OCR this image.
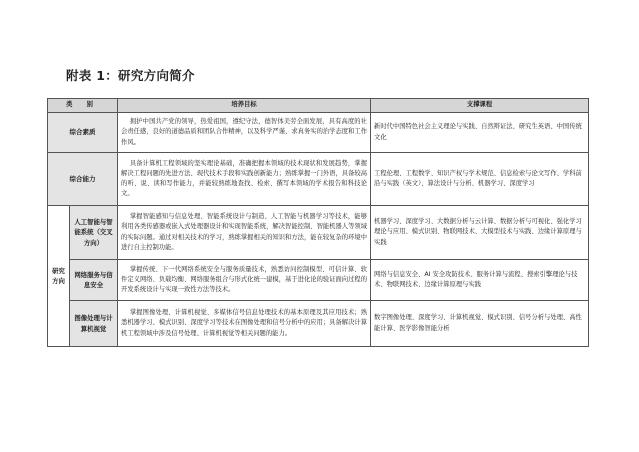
附表 1：研究方向简介
类 别		培养目标	支撑课程
综合素质		拥护中国共产党的领导，热爱祖国，遵纪守法，德智体美劳全面发展，具有高度的社会责任感，良好的道德品质和团队合作精神，以及科学严谨、求真务实的治学态度和工作作风。	新时代中国特色社会主义理论与实践、自然辩证法、研究生英语、中国传统文化
综合能力		具备计算机工程领域的坚实理论基础，准确把握本领域的技术现状和发展趋势，掌握解决工程问题的先进方法、现代技术手段和实践创新能力；熟练掌握一门外语，具备较高的听、说、读和写作能力，并能较熟练地查找、检索、撰写本领域的学术报告和科技论文。	工程伦理、工程数学、知识产权与学术规范、信息检索与论文写作、学科前沿与实践（英文）、算法设计与分析、机器学习、深度学习
研究方向	人工智能与智能系统（交叉方向）	掌握智能感知与信息处理、智能系统设计与制造、人工智能与机器学习等技术，能够利用各类传感器或嵌入式处理器设计和实现智能系统，解决智能控制、智能机器人等领域的实际问题。通过对相关技术的学习，熟练掌握相关的知识和方法，能在较复杂的环境中进行自主控制功能。	机器学习、深度学习、大数据分析与云计算、数据分析与可视化、强化学习理论与应用、模式识别、物联网技术、大模型技术与实践、边缘计算原理与实践
	网络服务与信息安全	掌握传统、下一代网络系统安全与服务质量技术，熟悉访问控制模型、可信计算、软件定义网络、负载均衡、网络服务组合与形式化统一建模，基于进化论的验证面向过程的开发系统设计与实现一致性方法等技术。	网络与信息安全、AI 安全攻防技术、服务计算与流程、搜索引擎理论与技术、物联网技术、边缘计算原理与实践
	图像处理与计算机视觉	掌握图像处理、计算机视觉、多媒体信号信息处理技术的基本原理及其应用技术；熟悉机器学习、模式识别、深度学习等技术在图像处理和信号分析中的应用；具备解决计算机工程领域中涉及信号处理、计算机视觉等相关问题的能力。	数字图像处理、深度学习、计算机视觉、模式识别、信号分析与处理、高性能计算、医学影像智能分析
